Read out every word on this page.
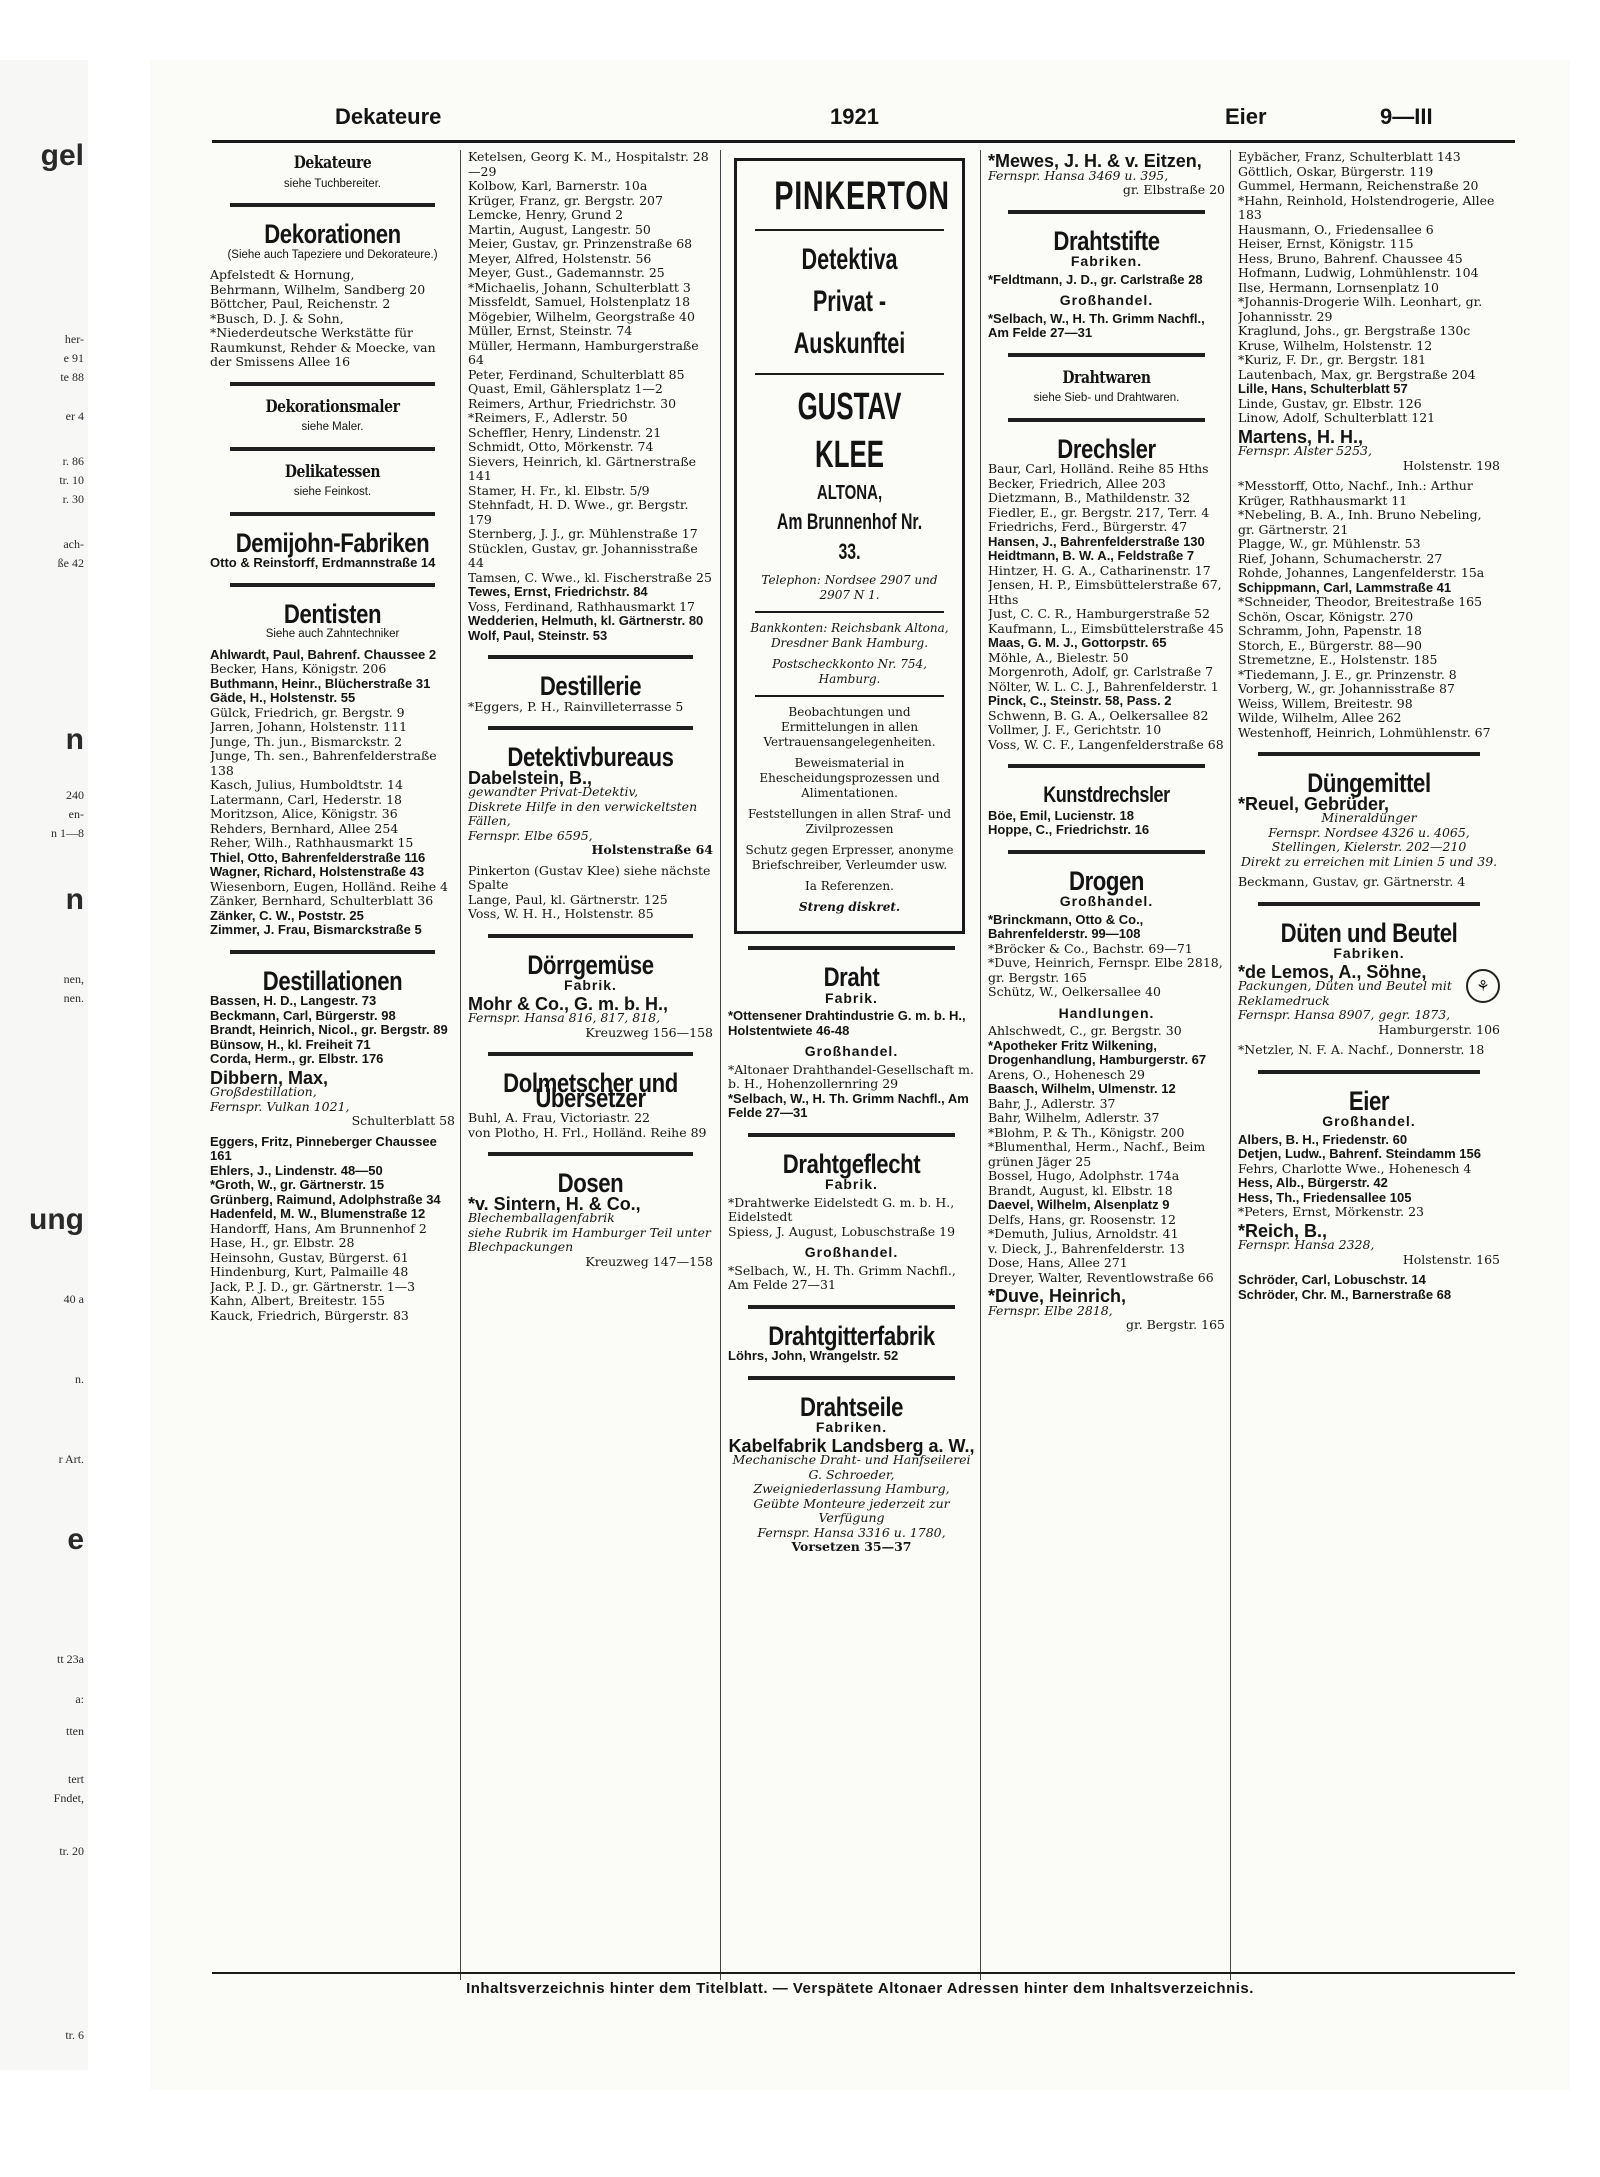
gel
her-
e 91
te 88
er 4
r. 86
tr. 10
r. 30
ach-
ße 42
n
240
en-
n 1—8
n
nen,
nen.
ung
40 a
n.
r Art.
e
tt 23a
a:
tten
tert
Fndet,
tr. 20
tr. 6
Dekateure	1921	Eier	9—III
Dekateure
siehe Tuchbereiter.
Dekorationen
(Siehe auch Tapeziere und Dekorateure.)

Apfelstedt & Hornung,

Behrmann, Wilhelm, Sandberg 20

Böttcher, Paul, Reichenstr. 2

*Busch, D. J. & Sohn,

*Niederdeutsche Werkstätte für Raumkunst, Rehder & Moecke, van der Smissens Allee 16

Dekorationsmaler
siehe Maler.
Delikatessen
siehe Feinkost.
Demijohn-Fabriken

Otto & Reinstorff, Erdmannstraße 14

Dentisten
Siehe auch Zahntechniker

Ahlwardt, Paul, Bahrenf. Chaussee 2

Becker, Hans, Königstr. 206

Buthmann, Heinr., Blücherstraße 31

Gäde, H., Holstenstr. 55

Gülck, Friedrich, gr. Bergstr. 9

Jarren, Johann, Holstenstr. 111

Junge, Th. jun., Bismarckstr. 2

Junge, Th. sen., Bahrenfelderstraße 138

Kasch, Julius, Humboldtstr. 14

Latermann, Carl, Hederstr. 18

Moritzson, Alice, Königstr. 36

Rehders, Bernhard, Allee 254

Reher, Wilh., Rathhausmarkt 15

Thiel, Otto, Bahrenfelderstraße 116

Wagner, Richard, Holstenstraße 43

Wiesenborn, Eugen, Holländ. Reihe 4

Zänker, Bernhard, Schulterblatt 36

Zänker, C. W., Poststr. 25

Zimmer, J. Frau, Bismarckstraße 5

Destillationen

Bassen, H. D., Langestr. 73

Beckmann, Carl, Bürgerstr. 98

Brandt, Heinrich, Nicol., gr. Bergstr. 89

Bünsow, H., kl. Freiheit 71

Corda, Herm., gr. Elbstr. 176

Dibbern, Max,
Großdestillation,
Fernspr. Vulkan 1021,
Schulterblatt 58

Eggers, Fritz, Pinneberger Chaussee 161

Ehlers, J., Lindenstr. 48—50

*Groth, W., gr. Gärtnerstr. 15

Grünberg, Raimund, Adolphstraße 34

Hadenfeld, M. W., Blumenstraße 12

Handorff, Hans, Am Brunnenhof 2

Hase, H., gr. Elbstr. 28

Heinsohn, Gustav, Bürgerst. 61

Hindenburg, Kurt, Palmaille 48

Jack, P. J. D., gr. Gärtnerstr. 1—3

Kahn, Albert, Breitestr. 155

Kauck, Friedrich, Bürgerstr. 83

Ketelsen, Georg K. M., Hospitalstr. 28—29

Kolbow, Karl, Barnerstr. 10a

Krüger, Franz, gr. Bergstr. 207

Lemcke, Henry, Grund 2

Martin, August, Langestr. 50

Meier, Gustav, gr. Prinzenstraße 68

Meyer, Alfred, Holstenstr. 56

Meyer, Gust., Gademannstr. 25

*Michaelis, Johann, Schulterblatt 3

Missfeldt, Samuel, Holstenplatz 18

Mögebier, Wilhelm, Georgstraße 40

Müller, Ernst, Steinstr. 74

Müller, Hermann, Hamburgerstraße 64

Peter, Ferdinand, Schulterblatt 85

Quast, Emil, Gählersplatz 1—2

Reimers, Arthur, Friedrichstr. 30

*Reimers, F., Adlerstr. 50

Scheffler, Henry, Lindenstr. 21

Schmidt, Otto, Mörkenstr. 74

Sievers, Heinrich, kl. Gärtnerstraße 141

Stamer, H. Fr., kl. Elbstr. 5/9

Stehnfadt, H. D. Wwe., gr. Bergstr. 179

Sternberg, J. J., gr. Mühlenstraße 17

Stücklen, Gustav, gr. Johannisstraße 44

Tamsen, C. Wwe., kl. Fischerstraße 25

Tewes, Ernst, Friedrichstr. 84

Voss, Ferdinand, Rathhausmarkt 17

Wedderien, Helmuth, kl. Gärtnerstr. 80

Wolf, Paul, Steinstr. 53

Destillerie

*Eggers, P. H., Rainvilleterrasse 5

Detektivbureaus
Dabelstein, B.,
gewandter Privat-Detektiv,
Diskrete Hilfe in den verwickeltsten Fällen,
Fernspr. Elbe 6595,
Holstenstraße 64

Pinkerton (Gustav Klee) siehe nächste Spalte

Lange, Paul, kl. Gärtnerstr. 125

Voss, W. H. H., Holstenstr. 85

Dörrgemüse
Fabrik.
Mohr & Co., G. m. b. H.,
Fernspr. Hansa 816, 817, 818,
Kreuzweg 156—158
Dolmetscher und Übersetzer

Buhl, A. Frau, Victoriastr. 22

von Plotho, H. Frl., Holländ. Reihe 89

Dosen
*v. Sintern, H. & Co.,
Blechemballagenfabrik
siehe Rubrik im Hamburger Teil unter Blechpackungen
Kreuzweg 147—158
PINKERTON
Detektiva
Privat - Auskunftei
GUSTAV KLEE
ALTONA,
Am Brunnenhof Nr. 33.

Telephon: Nordsee 2907 und 2907 N 1.

Bankkonten: Reichsbank Altona, Dresdner Bank Hamburg.

Postscheckkonto Nr. 754, Hamburg.

Beobachtungen und Ermittelungen in allen Vertrauensangelegenheiten.

Beweismaterial in Ehescheidungsprozessen und Alimentationen.

Feststellungen in allen Straf- und Zivilprozessen

Schutz gegen Erpresser, anonyme Briefschreiber, Verleumder usw.

Ia Referenzen.

Streng diskret.

Draht
Fabrik.

*Ottensener Drahtindustrie G. m. b. H., Holstentwiete 46-48

Großhandel.

*Altonaer Drahthandel-Gesellschaft m. b. H., Hohenzollernring 29

*Selbach, W., H. Th. Grimm Nachfl., Am Felde 27—31

Drahtgeflecht
Fabrik.

*Drahtwerke Eidelstedt G. m. b. H., Eidelstedt

Spiess, J. August, Lobuschstraße 19

Großhandel.

*Selbach, W., H. Th. Grimm Nachfl., Am Felde 27—31

Drahtgitterfabrik

Löhrs, John, Wrangelstr. 52

Drahtseile
Fabriken.
Kabelfabrik Landsberg a. W.,
Mechanische Draht- und Hanfseilerei G. Schroeder,
Zweigniederlassung Hamburg,
Geübte Monteure jederzeit zur Verfügung
Fernspr. Hansa 3316 u. 1780,
Vorsetzen 35—37
*Mewes, J. H. & v. Eitzen,
Fernspr. Hansa 3469 u. 395,
gr. Elbstraße 20
Drahtstifte
Fabriken.

*Feldtmann, J. D., gr. Carlstraße 28

Großhandel.

*Selbach, W., H. Th. Grimm Nachfl., Am Felde 27—31

Drahtwaren
siehe Sieb- und Drahtwaren.
Drechsler

Baur, Carl, Holländ. Reihe 85 Hths

Becker, Friedrich, Allee 203

Dietzmann, B., Mathildenstr. 32

Fiedler, E., gr. Bergstr. 217, Terr. 4

Friedrichs, Ferd., Bürgerstr. 47

Hansen, J., Bahrenfelderstraße 130

Heidtmann, B. W. A., Feldstraße 7

Hintzer, H. G. A., Catharinenstr. 17

Jensen, H. P., Eimsbüttelerstraße 67, Hths

Just, C. C. R., Hamburgerstraße 52

Kaufmann, L., Eimsbüttelerstraße 45

Maas, G. M. J., Gottorpstr. 65

Möhle, A., Bielestr. 50

Morgenroth, Adolf, gr. Carlstraße 7

Nölter, W. L. C. J., Bahrenfelderstr. 1

Pinck, C., Steinstr. 58, Pass. 2

Schwenn, B. G. A., Oelkersallee 82

Vollmer, J. F., Gerichtstr. 10

Voss, W. C. F., Langenfelderstraße 68

Kunstdrechsler

Böe, Emil, Lucienstr. 18

Hoppe, C., Friedrichstr. 16

Drogen
Großhandel.

*Brinckmann, Otto & Co., Bahrenfelderstr. 99—108

*Bröcker & Co., Bachstr. 69—71

*Duve, Heinrich, Fernspr. Elbe 2818, gr. Bergstr. 165

Schütz, W., Oelkersallee 40

Handlungen.

Ahlschwedt, C., gr. Bergstr. 30

*Apotheker Fritz Wilkening, Drogenhandlung, Hamburgerstr. 67

Arens, O., Hohenesch 29

Baasch, Wilhelm, Ulmenstr. 12

Bahr, J., Adlerstr. 37

Bahr, Wilhelm, Adlerstr. 37

*Blohm, P. & Th., Königstr. 200

*Blumenthal, Herm., Nachf., Beim grünen Jäger 25

Bossel, Hugo, Adolphstr. 174a

Brandt, August, kl. Elbstr. 18

Daevel, Wilhelm, Alsenplatz 9

Delfs, Hans, gr. Roosenstr. 12

*Demuth, Julius, Arnoldstr. 41

v. Dieck, J., Bahrenfelderstr. 13

Dose, Hans, Allee 271

Dreyer, Walter, Reventlowstraße 66

*Duve, Heinrich,
Fernspr. Elbe 2818,
gr. Bergstr. 165

Eybächer, Franz, Schulterblatt 143

Göttlich, Oskar, Bürgerstr. 119

Gummel, Hermann, Reichenstraße 20

*Hahn, Reinhold, Holstendrogerie, Allee 183

Hausmann, O., Friedensallee 6

Heiser, Ernst, Königstr. 115

Hess, Bruno, Bahrenf. Chaussee 45

Hofmann, Ludwig, Lohmühlenstr. 104

Ilse, Hermann, Lornsenplatz 10

*Johannis-Drogerie Wilh. Leonhart, gr. Johannisstr. 29

Kraglund, Johs., gr. Bergstraße 130c

Kruse, Wilhelm, Holstenstr. 12

*Kuriz, F. Dr., gr. Bergstr. 181

Lautenbach, Max, gr. Bergstraße 204

Lille, Hans, Schulterblatt 57

Linde, Gustav, gr. Elbstr. 126

Linow, Adolf, Schulterblatt 121

Martens, H. H.,
Fernspr. Alster 5253,
Holstenstr. 198

*Messtorff, Otto, Nachf., Inh.: Arthur Krüger, Rathhausmarkt 11

*Nebeling, B. A., Inh. Bruno Nebeling, gr. Gärtnerstr. 21

Plagge, W., gr. Mühlenstr. 53

Rief, Johann, Schumacherstr. 27

Rohde, Johannes, Langenfelderstr. 15a

Schippmann, Carl, Lammstraße 41

*Schneider, Theodor, Breitestraße 165

Schön, Oscar, Königstr. 270

Schramm, John, Papenstr. 18

Storch, E., Bürgerstr. 88—90

Stremetzne, E., Holstenstr. 185

*Tiedemann, J. E., gr. Prinzenstr. 8

Vorberg, W., gr. Johannisstraße 87

Weiss, Willem, Breitestr. 98

Wilde, Wilhelm, Allee 262

Westenhoff, Heinrich, Lohmühlenstr. 67

Düngemittel
*Reuel, Gebrüder,
Mineraldünger
Fernspr. Nordsee 4326 u. 4065,
Stellingen, Kielerstr. 202—210
Direkt zu erreichen mit Linien 5 und 39.

Beckmann, Gustav, gr. Gärtnerstr. 4

Düten und Beutel
Fabriken.
⚘
*de Lemos, A., Söhne,
Packungen, Düten und Beutel mit Reklamedruck
Fernspr. Hansa 8907, gegr. 1873,
Hamburgerstr. 106

*Netzler, N. F. A. Nachf., Donnerstr. 18

Eier
Großhandel.

Albers, B. H., Friedenstr. 60

Detjen, Ludw., Bahrenf. Steindamm 156

Fehrs, Charlotte Wwe., Hohenesch 4

Hess, Alb., Bürgerstr. 42

Hess, Th., Friedensallee 105

*Peters, Ernst, Mörkenstr. 23

*Reich, B.,
Fernspr. Hansa 2328,
Holstenstr. 165

Schröder, Carl, Lobuschstr. 14

Schröder, Chr. M., Barnerstraße 68

Inhaltsverzeichnis hinter dem Titelblatt. — Verspätete Altonaer Adressen hinter dem Inhaltsverzeichnis.
